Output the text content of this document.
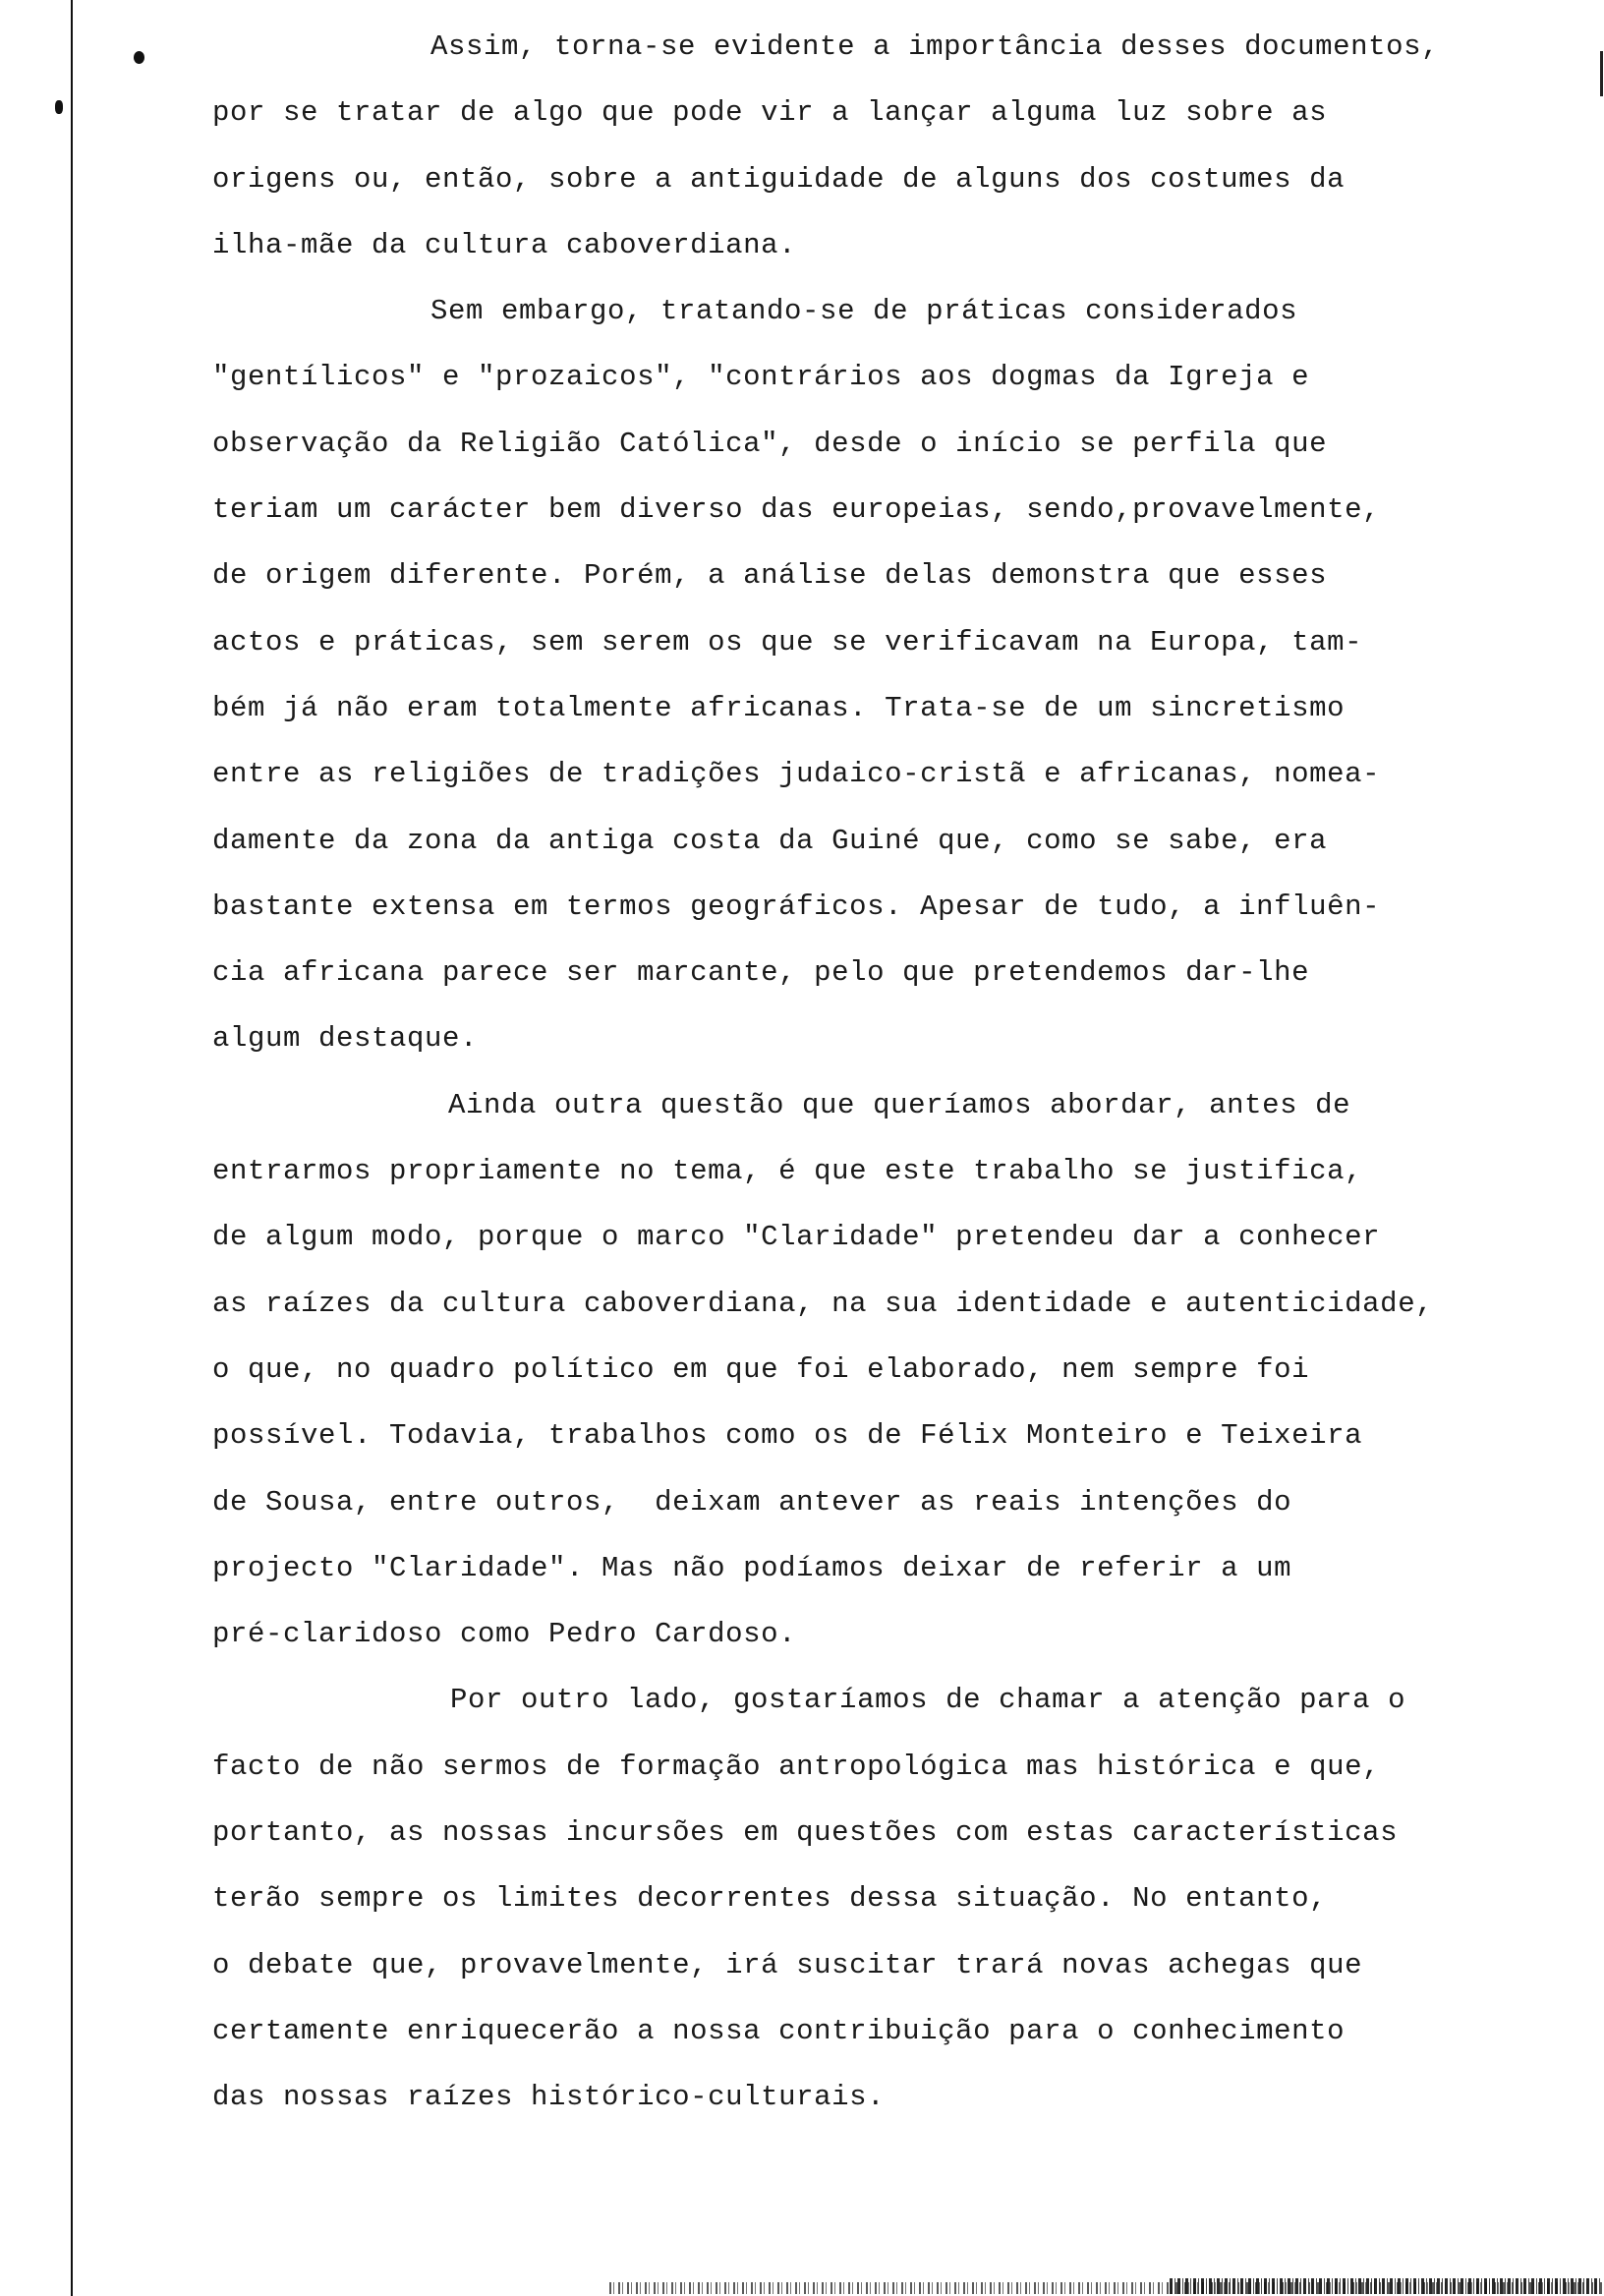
Assim, torna-se evidente a importância desses documentos,
por se tratar de algo que pode vir a lançar alguma luz sobre as
origens ou, então, sobre a antiguidade de alguns dos costumes da
ilha-mãe da cultura caboverdiana.
Sem embargo, tratando-se de práticas considerados
"gentílicos" e "prozaicos", "contrários aos dogmas da Igreja e
observação da Religião Católica", desde o início se perfila que
teriam um carácter bem diverso das europeias, sendo,provavelmente,
de origem diferente. Porém, a análise delas demonstra que esses
actos e práticas, sem serem os que se verificavam na Europa, tam-
bém já não eram totalmente africanas. Trata-se de um sincretismo
entre as religiões de tradições judaico-cristã e africanas, nomea-
damente da zona da antiga costa da Guiné que, como se sabe, era
bastante extensa em termos geográficos. Apesar de tudo, a influên-
cia africana parece ser marcante, pelo que pretendemos dar-lhe
algum destaque.
Ainda outra questão que queríamos abordar, antes de
entrarmos propriamente no tema, é que este trabalho se justifica,
de algum modo, porque o marco "Claridade" pretendeu dar a conhecer
as raízes da cultura caboverdiana, na sua identidade e autenticidade,
o que, no quadro político em que foi elaborado, nem sempre foi
possível. Todavia, trabalhos como os de Félix Monteiro e Teixeira
de Sousa, entre outros,  deixam antever as reais intenções do
projecto "Claridade". Mas não podíamos deixar de referir a um
pré-claridoso como Pedro Cardoso.
Por outro lado, gostaríamos de chamar a atenção para o
facto de não sermos de formação antropológica mas histórica e que,
portanto, as nossas incursões em questões com estas características
terão sempre os limites decorrentes dessa situação. No entanto,
o debate que, provavelmente, irá suscitar trará novas achegas que
certamente enriquecerão a nossa contribuição para o conhecimento
das nossas raízes histórico-culturais.
